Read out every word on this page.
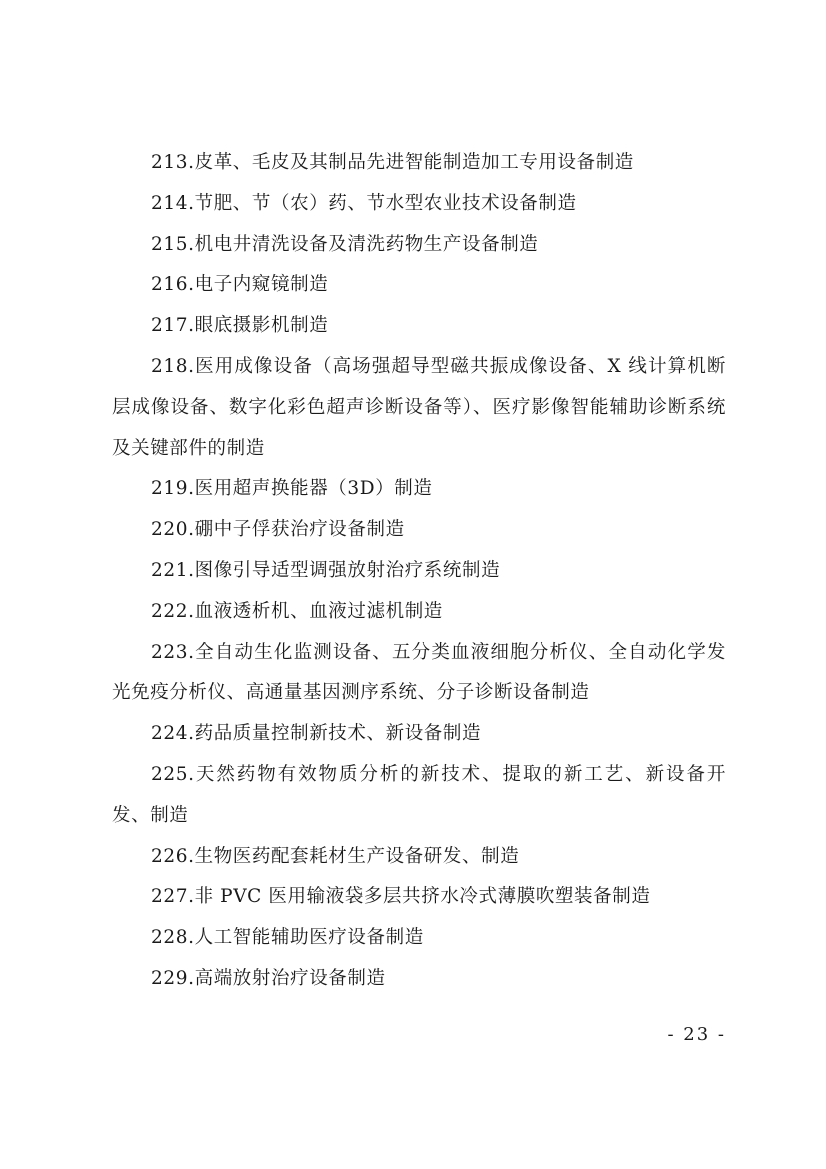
213.皮革、毛皮及其制品先进智能制造加工专用设备制造

214.节肥、节（农）药、节水型农业技术设备制造

215.机电井清洗设备及清洗药物生产设备制造

216.电子内窥镜制造

217.眼底摄影机制造

218.医用成像设备（高场强超导型磁共振成像设备、X 线计算机断层成像设备、数字化彩色超声诊断设备等）、医疗影像智能辅助诊断系统及关键部件的制造

219.医用超声换能器（3D）制造

220.硼中子俘获治疗设备制造

221.图像引导适型调强放射治疗系统制造

222.血液透析机、血液过滤机制造

223.全自动生化监测设备、五分类血液细胞分析仪、全自动化学发光免疫分析仪、高通量基因测序系统、分子诊断设备制造

224.药品质量控制新技术、新设备制造

225.天然药物有效物质分析的新技术、提取的新工艺、新设备开发、制造

226.生物医药配套耗材生产设备研发、制造

227.非 PVC 医用输液袋多层共挤水冷式薄膜吹塑装备制造

228.人工智能辅助医疗设备制造

229.高端放射治疗设备制造

- 23 -
